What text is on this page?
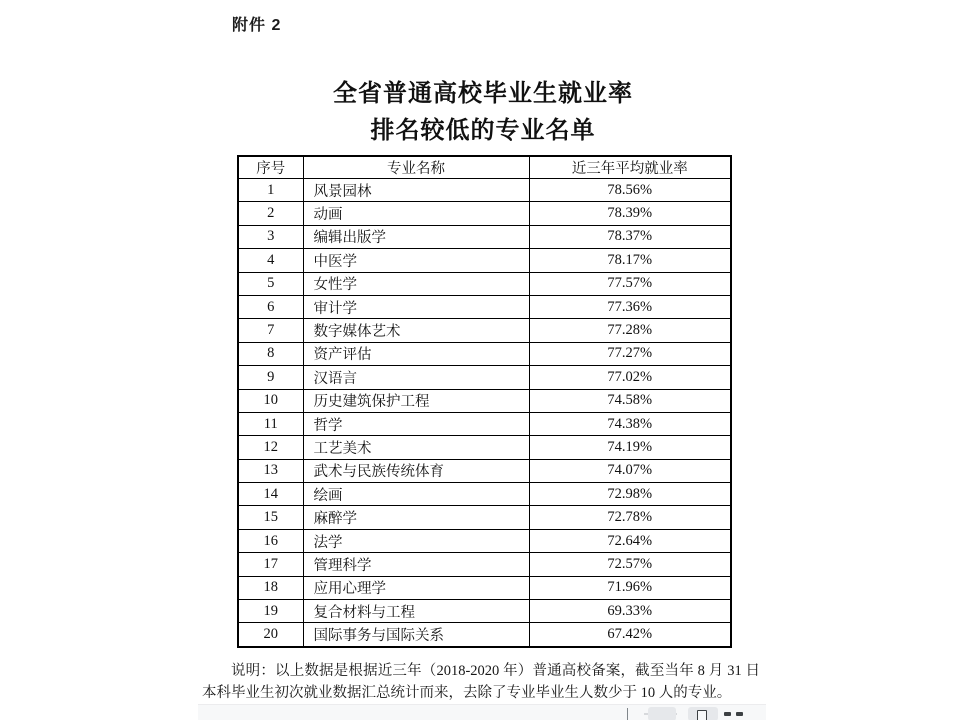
附件 2
全省普通高校毕业生就业率
排名较低的专业名单
序号	专业名称	近三年平均就业率
1	风景园林	78.56%
2	动画	78.39%
3	编辑出版学	78.37%
4	中医学	78.17%
5	女性学	77.57%
6	审计学	77.36%
7	数字媒体艺术	77.28%
8	资产评估	77.27%
9	汉语言	77.02%
10	历史建筑保护工程	74.58%
11	哲学	74.38%
12	工艺美术	74.19%
13	武术与民族传统体育	74.07%
14	绘画	72.98%
15	麻醉学	72.78%
16	法学	72.64%
17	管理科学	72.57%
18	应用心理学	71.96%
19	复合材料与工程	69.33%
20	国际事务与国际关系	67.42%
说明：以上数据是根据近三年（2018-2020 年）普通高校备案，截至当年 8 月 31 日本科毕业生初次就业数据汇总统计而来，去除了专业毕业生人数少于 10 人的专业。
